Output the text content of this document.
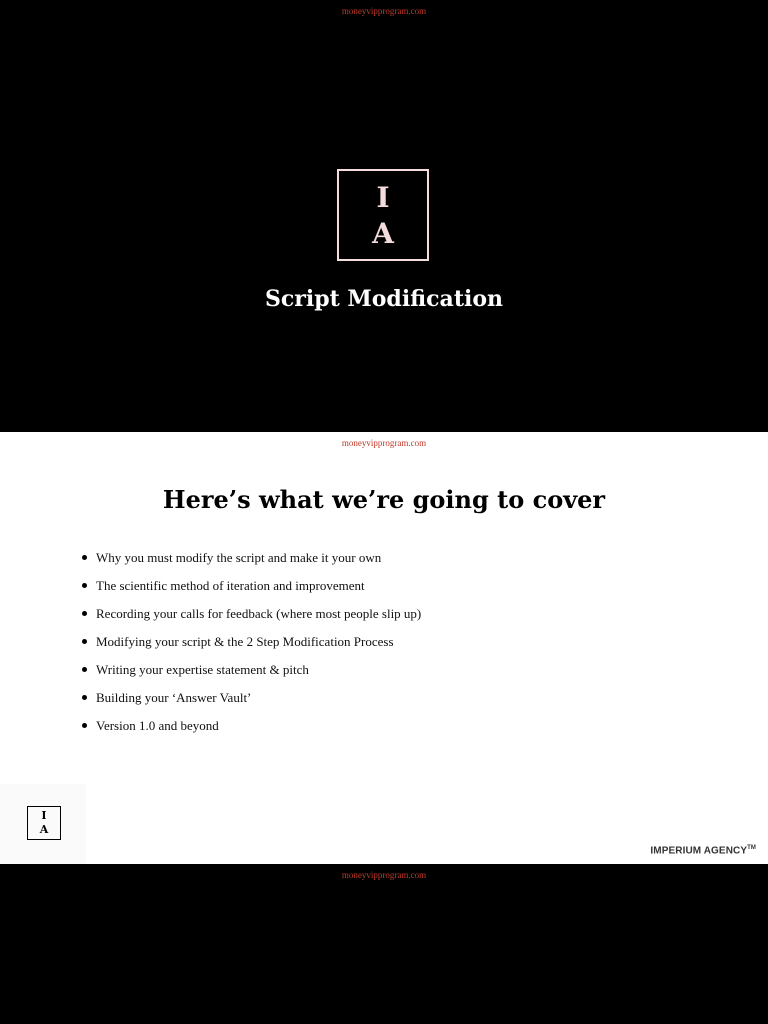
moneyvipprogram.com
I
A
Script Modification
moneyvipprogram.com
Here’s what we’re going to cover
Why you must modify the script and make it your own
The scientific method of iteration and improvement
Recording your calls for feedback (where most people slip up)
Modifying your script & the 2 Step Modification Process
Writing your expertise statement & pitch
Building your ‘Answer Vault’
Version 1.0 and beyond
I
A
IMPERIUM AGENCY™
moneyvipprogram.com
